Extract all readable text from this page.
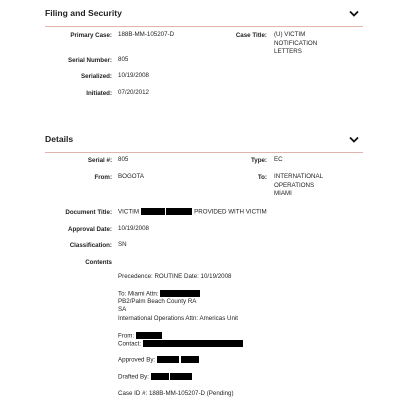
Filing and Security
Primary Case: 188B-MM-105207-D	Case Title: (U) VICTIM
NOTIFICATION
LETTERS
Serial Number: 805
Serialized: 10/19/2008
Initiated: 07/20/2012
Details
Serial #: 805	Type: EC
From: BOGOTA	To: INTERNATIONAL
OPERATIONS
MIAMI
Document Title: VICTIM	PROVIDED WITH VICTIM
Approval Date: 10/19/2008
Classification: SN
Contents
Precedence: ROUTINE Date: 10/19/2008
To: Miami Attn:
PB2/Palm Beach County RA
SA
International Operations Attn: Americas Unit
From:
Contact:
Approved By:
Drafted By:
Case ID #: 188B-MM-105207-D (Pending)
